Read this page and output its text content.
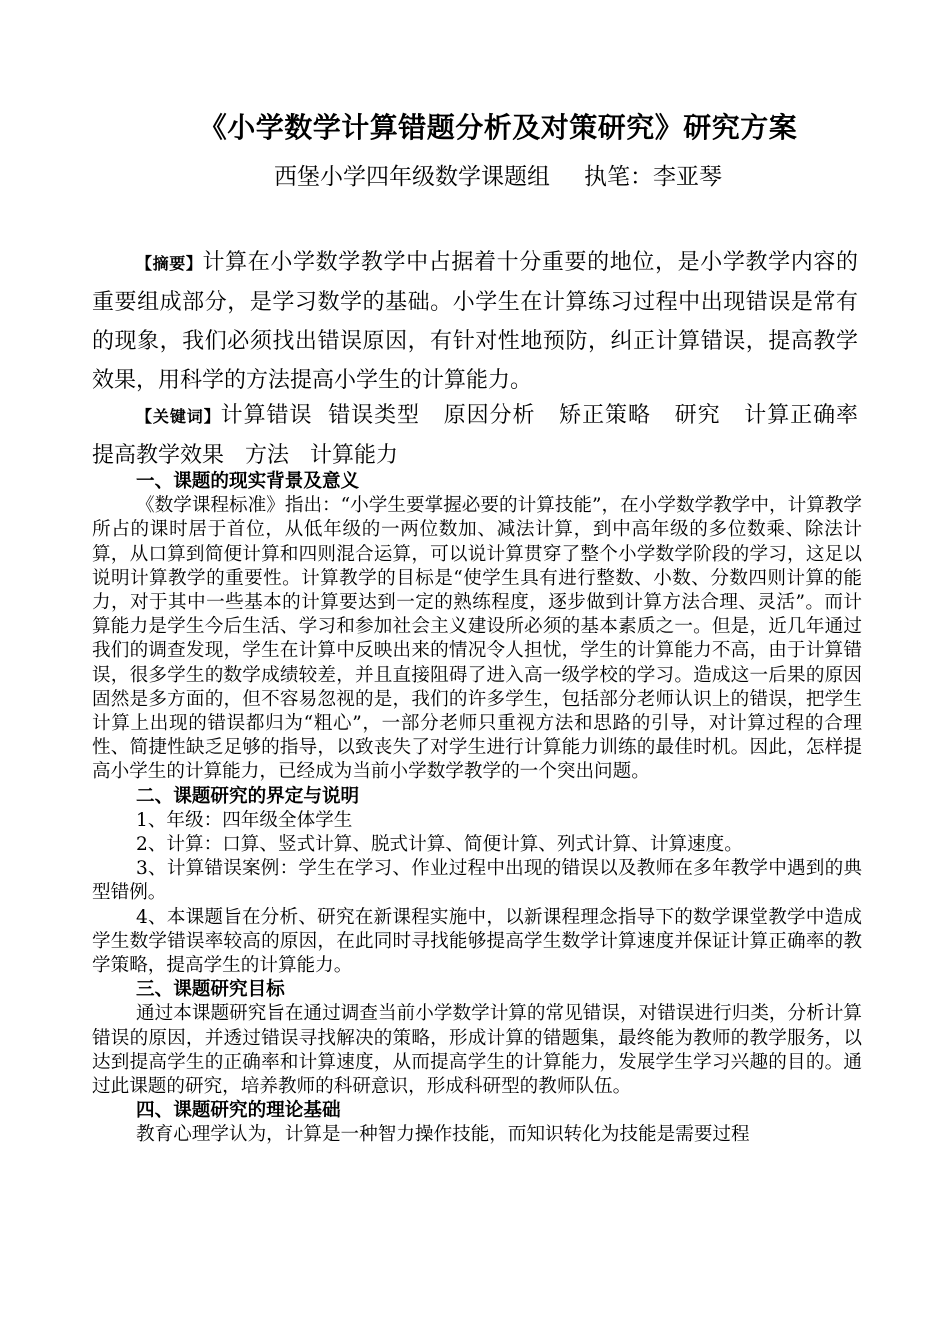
《小学数学计算错题分析及对策研究》研究方案
西堡小学四年级数学课题组 执笔：李亚琴
【摘要】计算在小学数学教学中占据着十分重要的地位，是小学教学内容的重要组成部分，是学习数学的基础。小学生在计算练习过程中出现错误是常有的现象，我们必须找出错误原因，有针对性地预防，纠正计算错误，提高教学效果，用科学的方法提高小学生的计算能力。
【关键词】计算错误  错误类型   原因分析   矫正策略   研究   计算正确率   提高教学效果   方法   计算能力
一、课题的现实背景及意义

《数学课程标准》指出：“小学生要掌握必要的计算技能”，在小学数学教学中，计算教学所占的课时居于首位，从低年级的一两位数加、减法计算，到中高年级的多位数乘、除法计算，从口算到简便计算和四则混合运算，可以说计算贯穿了整个小学数学阶段的学习，这足以说明计算教学的重要性。计算教学的目标是“使学生具有进行整数、小数、分数四则计算的能力，对于其中一些基本的计算要达到一定的熟练程度，逐步做到计算方法合理、灵活”。而计算能力是学生今后生活、学习和参加社会主义建设所必须的基本素质之一。但是，近几年通过我们的调查发现，学生在计算中反映出来的情况令人担忧，学生的计算能力不高，由于计算错误，很多学生的数学成绩较差，并且直接阻碍了进入高一级学校的学习。造成这一后果的原因固然是多方面的，但不容易忽视的是，我们的许多学生，包括部分老师认识上的错误，把学生计算上出现的错误都归为“粗心”，一部分老师只重视方法和思路的引导，对计算过程的合理性、简捷性缺乏足够的指导，以致丧失了对学生进行计算能力训练的最佳时机。因此，怎样提高小学生的计算能力，已经成为当前小学数学教学的一个突出问题。

二、课题研究的界定与说明

1、年级：四年级全体学生

2、计算：口算、竖式计算、脱式计算、简便计算、列式计算、计算速度。

3、计算错误案例：学生在学习、作业过程中出现的错误以及教师在多年教学中遇到的典型错例。

4、本课题旨在分析、研究在新课程实施中，以新课程理念指导下的数学课堂教学中造成学生数学错误率较高的原因，在此同时寻找能够提高学生数学计算速度并保证计算正确率的教学策略，提高学生的计算能力。

三、课题研究目标

通过本课题研究旨在通过调查当前小学数学计算的常见错误，对错误进行归类，分析计算错误的原因，并透过错误寻找解决的策略，形成计算的错题集，最终能为教师的教学服务，以达到提高学生的正确率和计算速度，从而提高学生的计算能力，发展学生学习兴趣的目的。通过此课题的研究，培养教师的科研意识，形成科研型的教师队伍。

四、课题研究的理论基础

教育心理学认为，计算是一种智力操作技能，而知识转化为技能是需要过程
